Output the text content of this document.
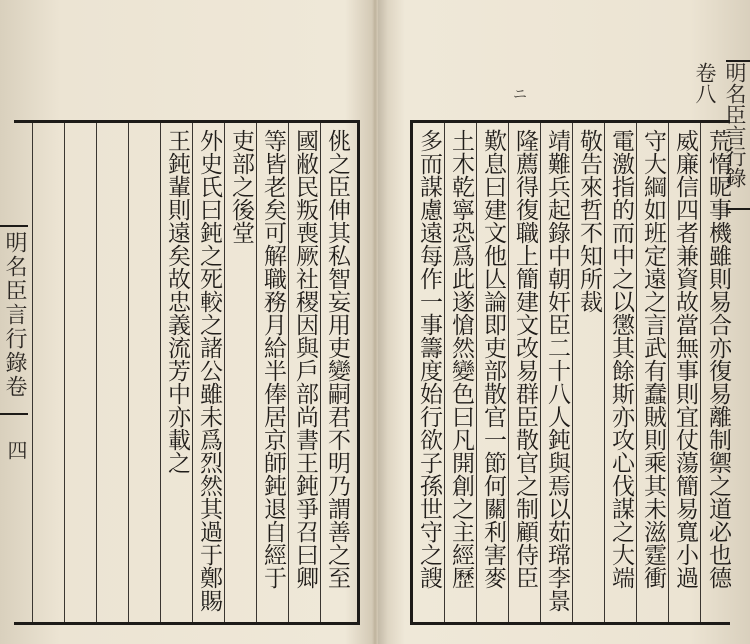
明名臣言行錄卷
四	王鈍輩則遠矣故忠義流芳中亦載之 外史氏曰鈍之死較之諸公雖未爲烈然其過于鄭賜 吏部之後堂 等皆老矣可解職務月給半俸居京師鈍退自經于 國敝民叛喪厥社稷因與戶部尚書王鈍爭召曰卿 佻之臣伸其私智妄用吏變嗣君不明乃謂善之至
ニ	明名臣言行錄卷八
多而謀慮遠每作一事籌度始行欲子孫世守之謏 土木乾寧恐爲此遂愴然變色曰凡開創之主經歷 歎息曰建文他亾論即吏部散官一節何關利害麥 隆薦得復職上簡建文改易群臣散官之制顧侍臣 靖難兵起錄中朝奸臣二十八人鈍與焉以茹瑺李景 敬告來哲不知所裁 電激指的而中之以懲其餘斯亦攻心伐謀之大端 守大綱如班定遠之言武有蠢賊則乘其未滋霆衝 威廉信四者兼資故當無事則宜仗蕩簡易寬小過 荒惰昵事機雖則易合亦復易離制禦之道必也德
